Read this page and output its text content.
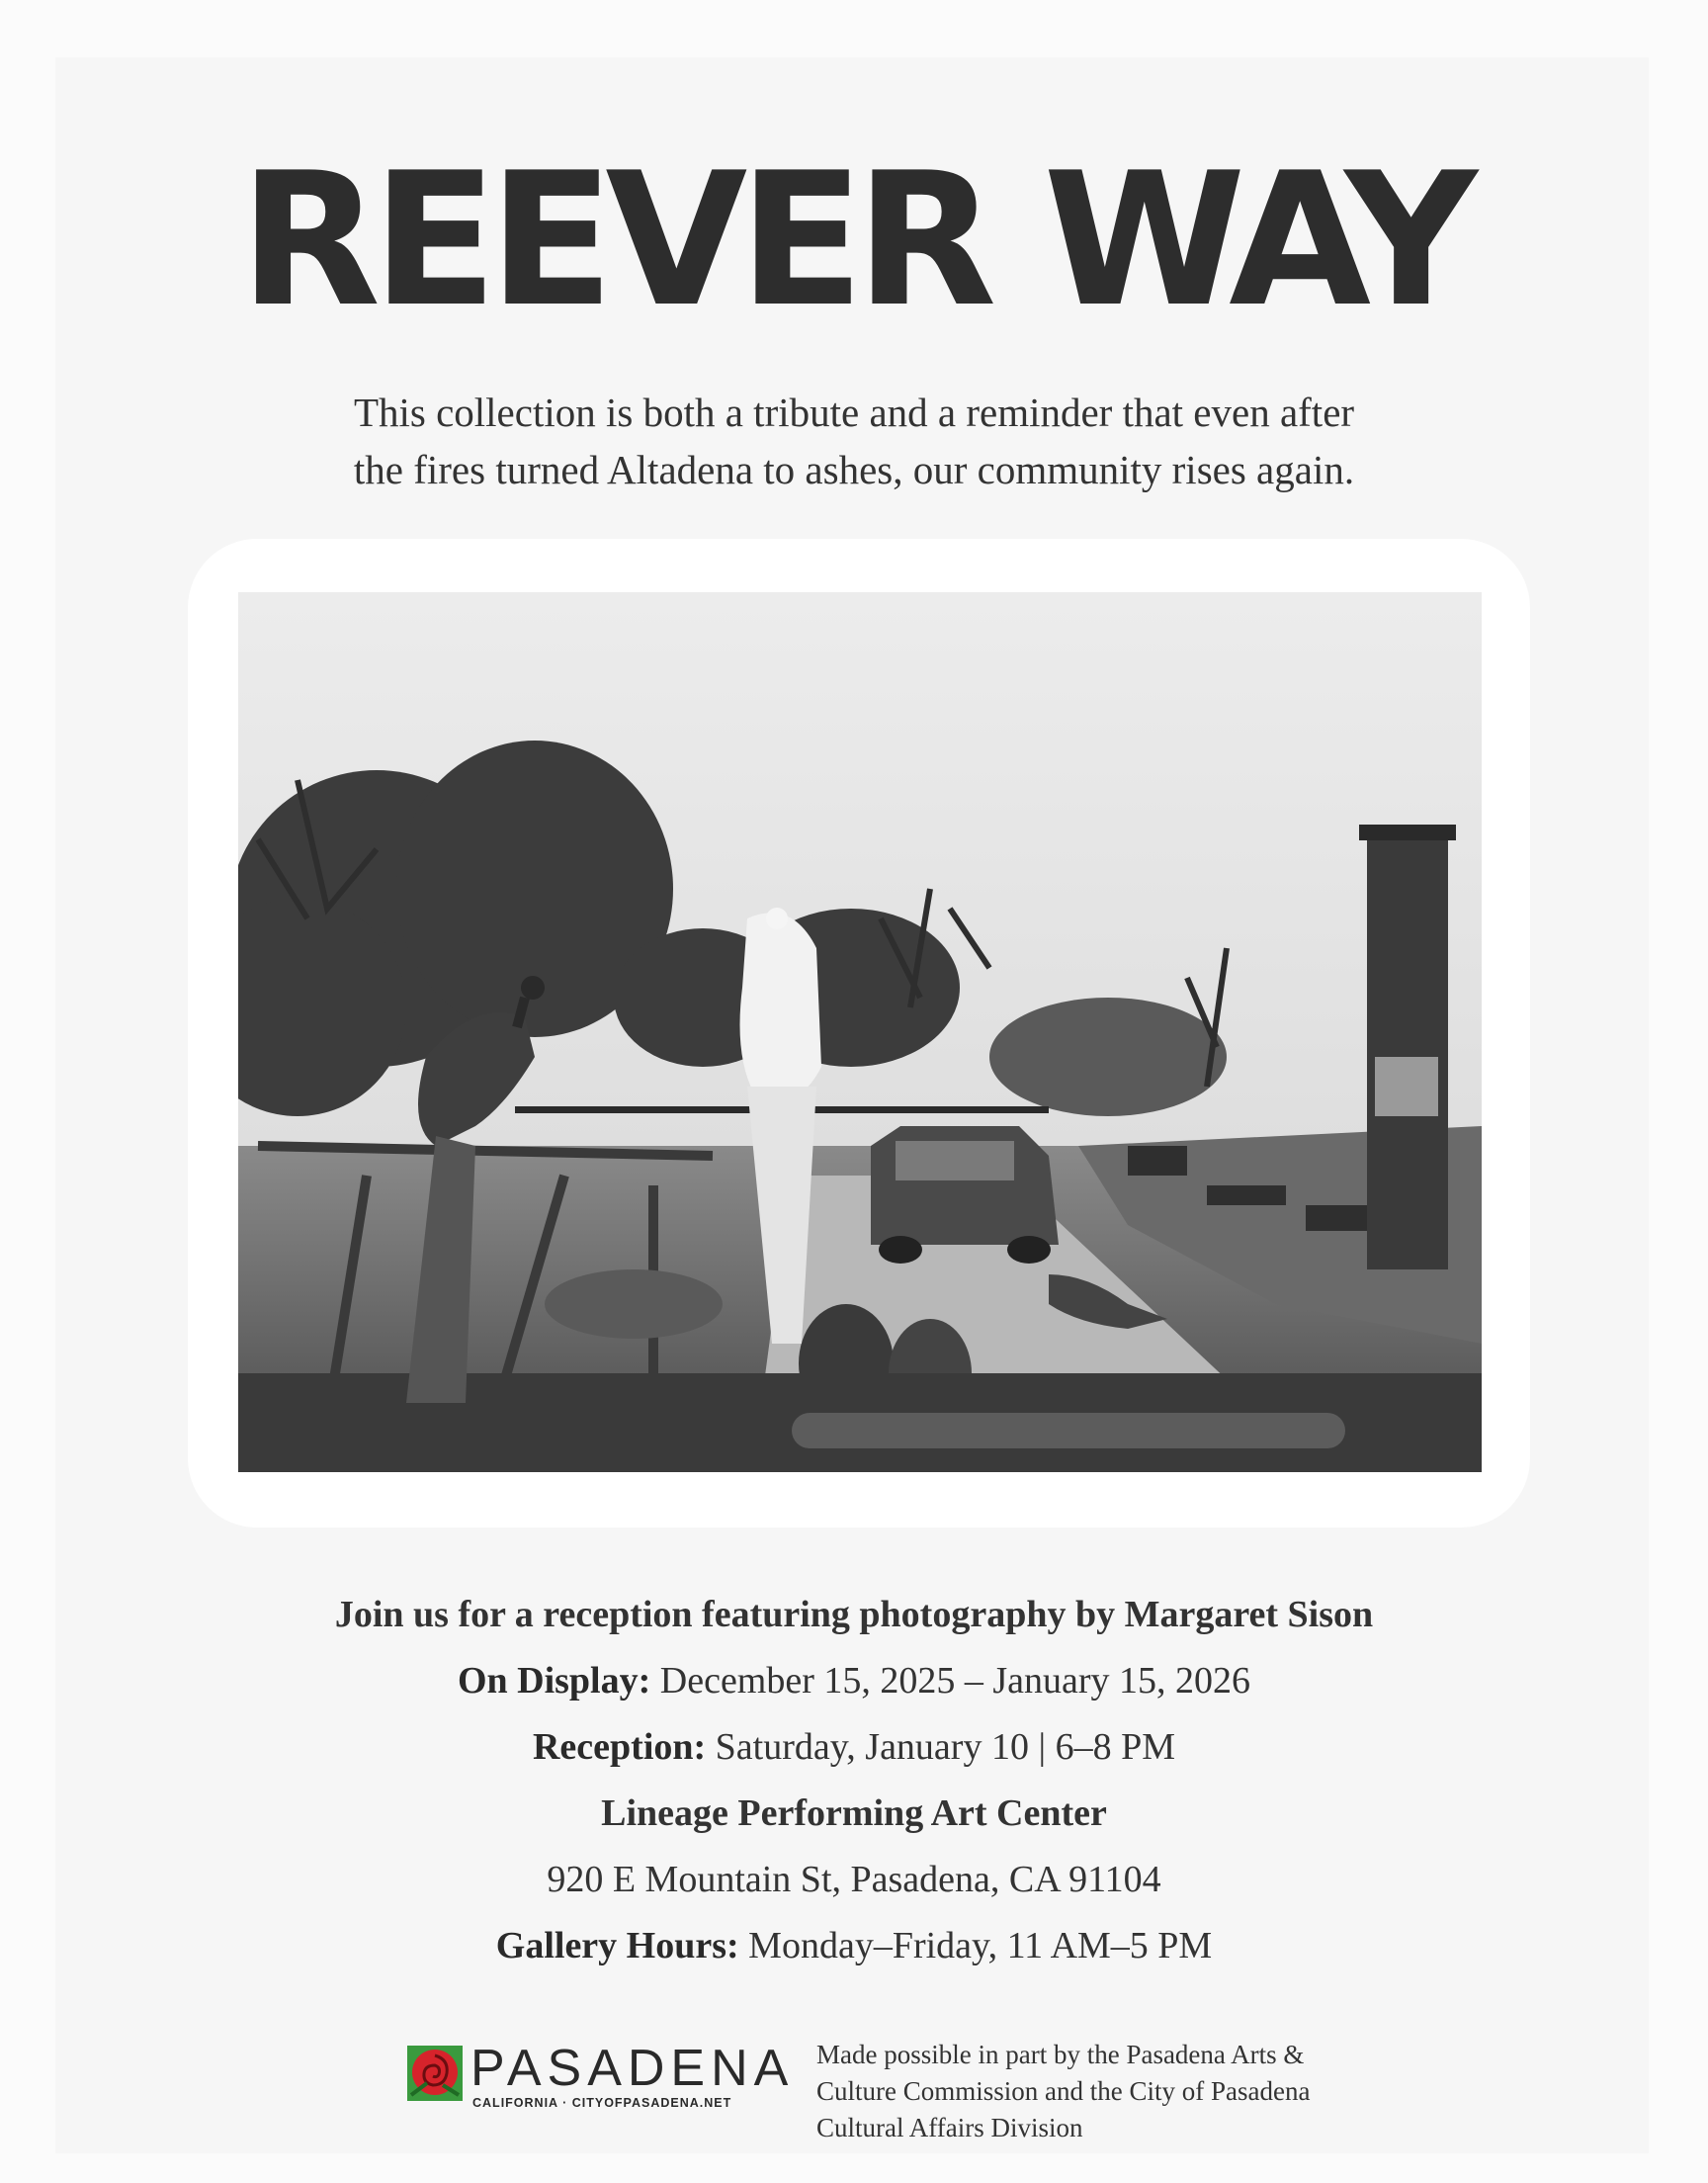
REEVER WAY
This collection is both a tribute and a reminder that even after
the fires turned Altadena to ashes, our community rises again.
Join us for a reception featuring photography by Margaret Sison
On Display: December 15, 2025 – January 15, 2026
Reception: Saturday, January 10 | 6–8 PM
Lineage Performing Art Center
920 E Mountain St, Pasadena, CA 91104
Gallery Hours: Monday–Friday, 11 AM–5 PM
PASADENA
CALIFORNIA · CITYOFPASADENA.NET
Made possible in part by the Pasadena Arts &
Culture Commission and the City of Pasadena
Cultural Affairs Division
